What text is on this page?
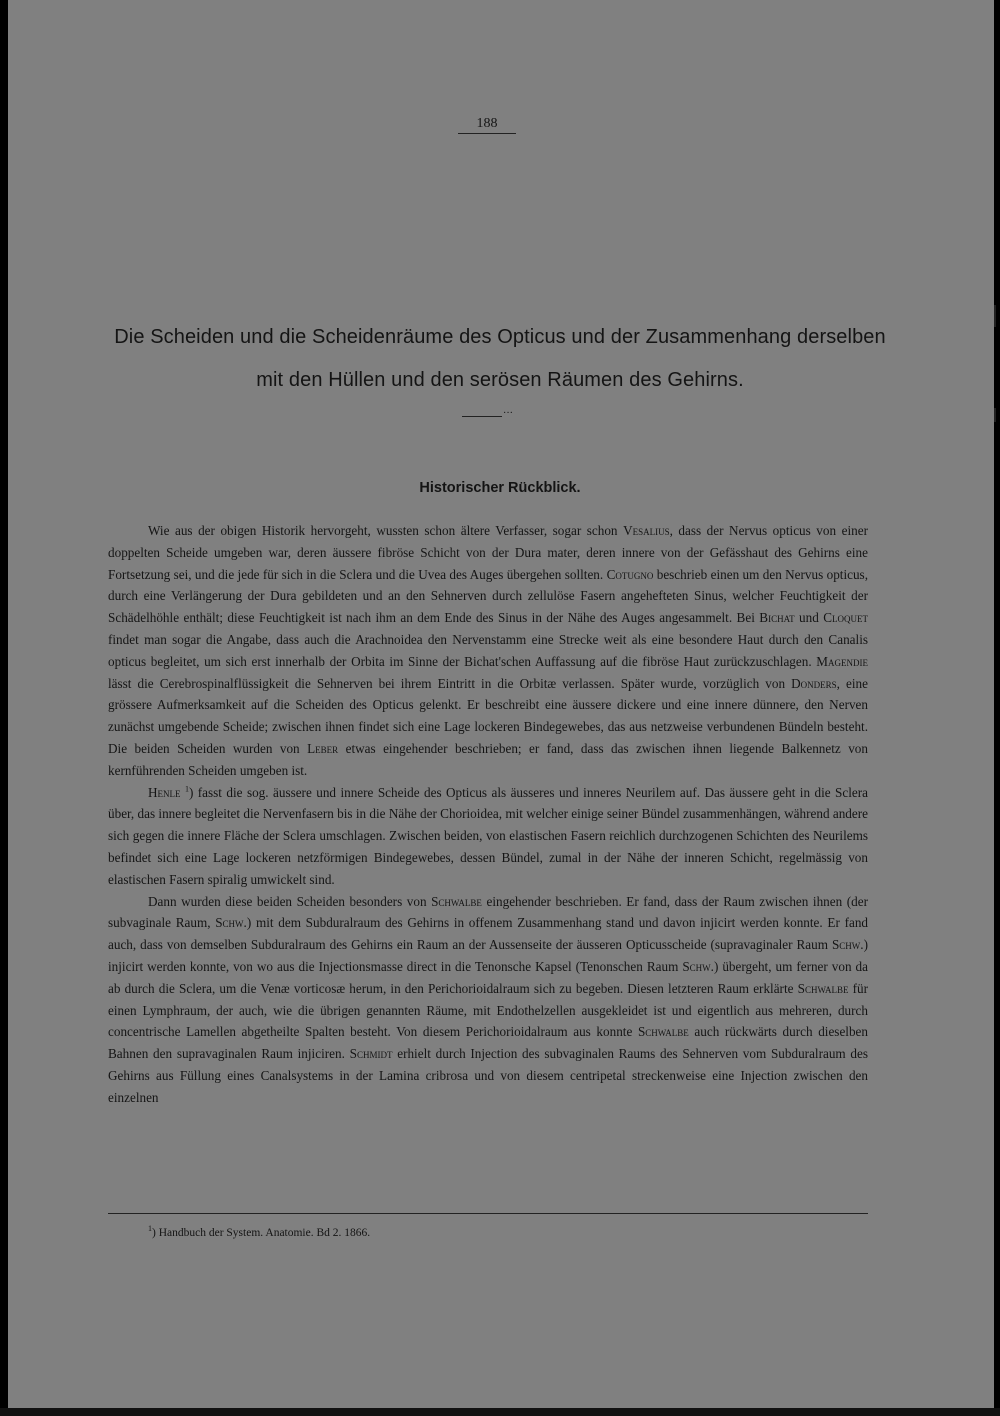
188
Die Scheiden und die Scheidenräume des Opticus und der Zusammenhang derselben
mit den Hüllen und den serösen Räumen des Gehirns.
···
Historischer Rückblick.

Wie aus der obigen Historik hervorgeht, wussten schon ältere Verfasser, sogar schon Vesalius, dass der Nervus opticus von einer doppelten Scheide umgeben war, deren äussere fibröse Schicht von der Dura mater, deren innere von der Gefässhaut des Gehirns eine Fortsetzung sei, und die jede für sich in die Sclera und die Uvea des Auges übergehen sollten. Cotugno beschrieb einen um den Nervus opticus, durch eine Verlängerung der Dura gebildeten und an den Sehnerven durch zellulöse Fasern angehefteten Sinus, welcher Feuchtigkeit der Schädelhöhle enthält; diese Feuchtigkeit ist nach ihm an dem Ende des Sinus in der Nähe des Auges angesammelt. Bei Bichat und Cloquet findet man sogar die Angabe, dass auch die Arachnoidea den Nervenstamm eine Strecke weit als eine besondere Haut durch den Canalis opticus begleitet, um sich erst innerhalb der Orbita im Sinne der Bichat'schen Auffassung auf die fibröse Haut zurückzuschlagen. Magendie lässt die Cerebrospinalflüssigkeit die Sehnerven bei ihrem Eintritt in die Orbitæ verlassen. Später wurde, vorzüglich von Donders, eine grössere Aufmerksamkeit auf die Scheiden des Opticus gelenkt. Er beschreibt eine äussere dickere und eine innere dünnere, den Nerven zunächst umgebende Scheide; zwischen ihnen findet sich eine Lage lockeren Bindegewebes, das aus netzweise verbundenen Bündeln besteht. Die beiden Scheiden wurden von Leber etwas eingehender beschrieben; er fand, dass das zwischen ihnen liegende Balkennetz von kernführenden Scheiden umgeben ist.

Henle $^1$) fasst die sog. äussere und innere Scheide des Opticus als äusseres und inneres Neurilem auf. Das äussere geht in die Sclera über, das innere begleitet die Nervenfasern bis in die Nähe der Chorioidea, mit welcher einige seiner Bündel zusammenhängen, während andere sich gegen die innere Fläche der Sclera umschlagen. Zwischen beiden, von elastischen Fasern reichlich durchzogenen Schichten des Neurilems befindet sich eine Lage lockeren netzförmigen Bindegewebes, dessen Bündel, zumal in der Nähe der inneren Schicht, regelmässig von elastischen Fasern spiralig umwickelt sind.

Dann wurden diese beiden Scheiden besonders von Schwalbe eingehender beschrieben. Er fand, dass der Raum zwischen ihnen (der subvaginale Raum, Schw.) mit dem Subduralraum des Gehirns in offenem Zusammenhang stand und davon injicirt werden konnte. Er fand auch, dass von demselben Subduralraum des Gehirns ein Raum an der Aussenseite der äusseren Opticusscheide (supravaginaler Raum Schw.) injicirt werden konnte, von wo aus die Injectionsmasse direct in die Tenonsche Kapsel (Tenonschen Raum Schw.) übergeht, um ferner von da ab durch die Sclera, um die Venæ vorticosæ herum, in den Perichorioidalraum sich zu begeben. Diesen letzteren Raum erklärte Schwalbe für einen Lymphraum, der auch, wie die übrigen genannten Räume, mit Endothelzellen ausgekleidet ist und eigentlich aus mehreren, durch concentrische Lamellen abgetheilte Spalten besteht. Von diesem Perichorioidalraum aus konnte Schwalbe auch rückwärts durch dieselben Bahnen den supravaginalen Raum injiciren. Schmidt erhielt durch Injection des subvaginalen Raums des Sehnerven vom Subduralraum des Gehirns aus Füllung eines Canalsystems in der Lamina cribrosa und von diesem centripetal streckenweise eine Injection zwischen den einzelnen

$^1$) Handbuch der System. Anatomie. Bd 2. 1866.
